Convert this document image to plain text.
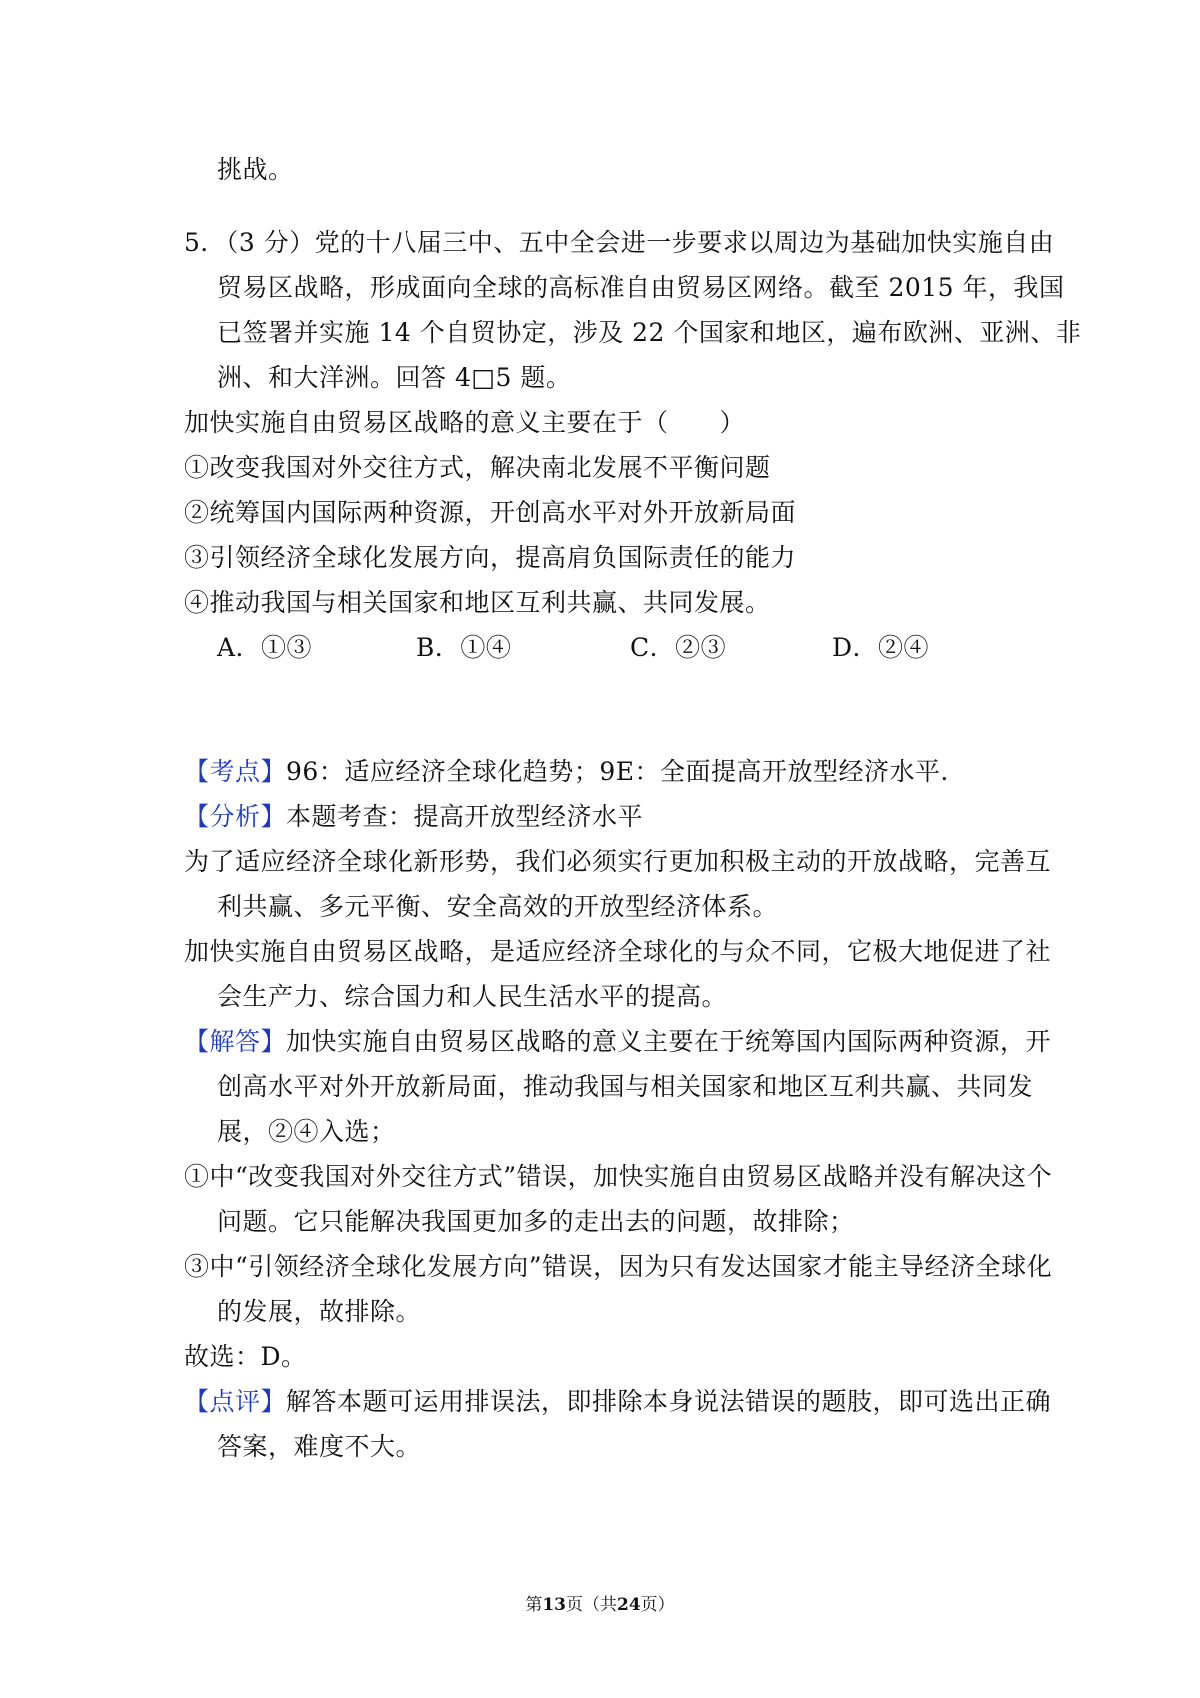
挑战。
5．（3 分）党的十八届三中、五中全会进一步要求以周边为基础加快实施自由
贸易区战略，形成面向全球的高标准自由贸易区网络。截至 2015 年，我国
已签署并实施 14 个自贸协定，涉及 22 个国家和地区，遍布欧洲、亚洲、非
洲、和大洋洲。回答 4□5 题。
加快实施自由贸易区战略的意义主要在于（　　）
①改变我国对外交往方式，解决南北发展不平衡问题
②统筹国内国际两种资源，开创高水平对外开放新局面
③引领经济全球化发展方向，提高肩负国际责任的能力
④推动我国与相关国家和地区互利共赢、共同发展。
A．①③	B．①④	C．②③	D．②④
【考点】96：适应经济全球化趋势；9E：全面提高开放型经济水平．
【分析】本题考查：提高开放型经济水平
为了适应经济全球化新形势，我们必须实行更加积极主动的开放战略，完善互
利共赢、多元平衡、安全高效的开放型经济体系。
加快实施自由贸易区战略，是适应经济全球化的与众不同，它极大地促进了社
会生产力、综合国力和人民生活水平的提高。
【解答】加快实施自由贸易区战略的意义主要在于统筹国内国际两种资源，开
创高水平对外开放新局面，推动我国与相关国家和地区互利共赢、共同发
展，②④入选；
①中“改变我国对外交往方式”错误，加快实施自由贸易区战略并没有解决这个
问题。它只能解决我国更加多的走出去的问题，故排除；
③中“引领经济全球化发展方向”错误，因为只有发达国家才能主导经济全球化
的发展，故排除。
故选：D。
【点评】解答本题可运用排误法，即排除本身说法错误的题肢，即可选出正确
答案，难度不大。
第13页（共24页）
